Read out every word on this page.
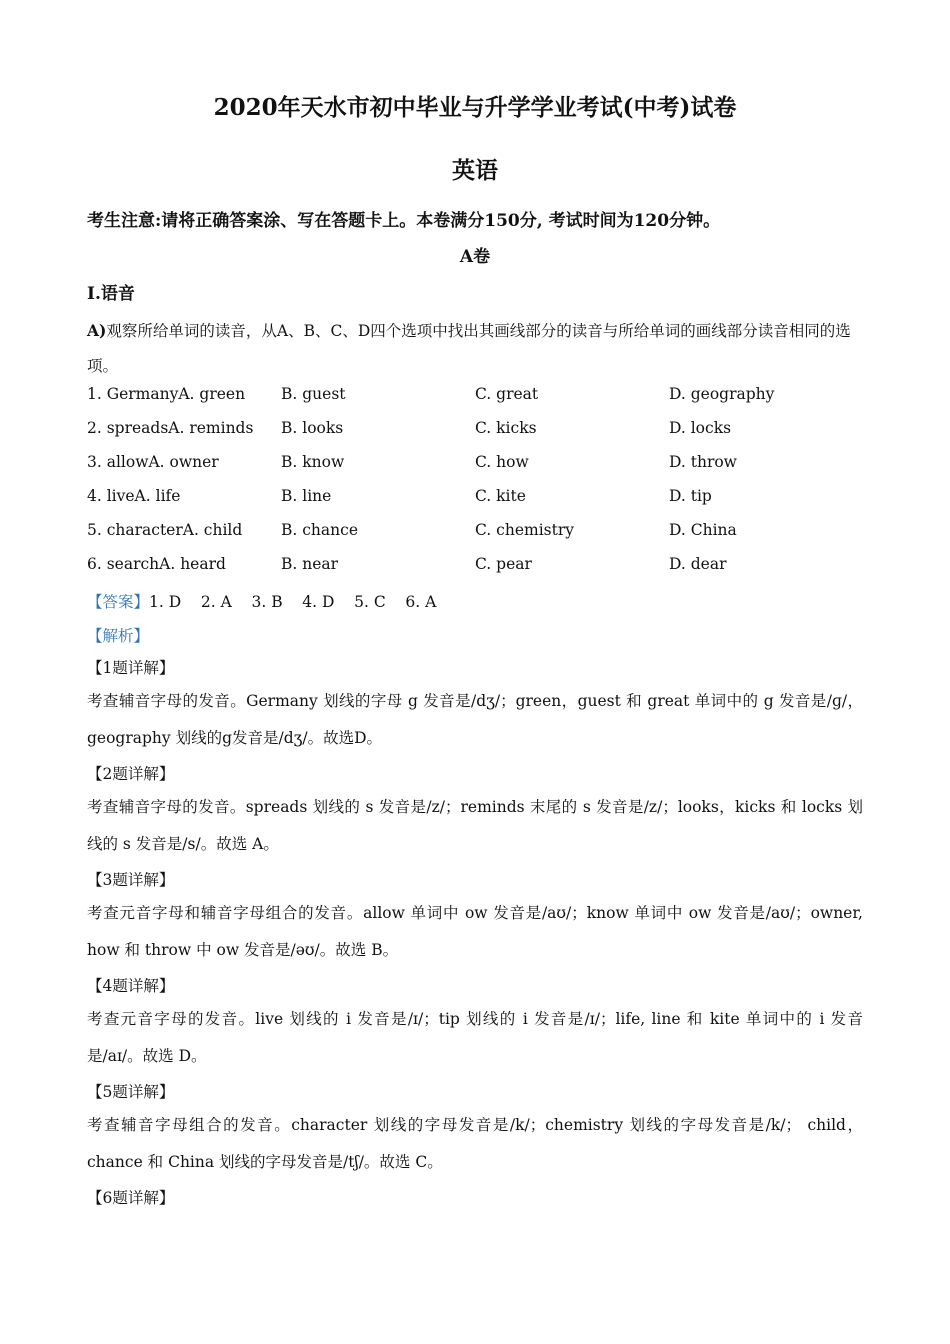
2020年天水市初中毕业与升学学业考试(中考)试卷
英语
考生注意:请将正确答案涂、写在答题卡上。本卷满分150分, 考试时间为120分钟。
A卷
I.语音
A)观察所给单词的读音，从A、B、C、D四个选项中找出其画线部分的读音与所给单词的画线部分读音相同的选项。
1. GermanyA. green B. guest	C. great	D. geography
2. spreadsA. reminds B. looks	C. kicks	D. locks
3. allowA. owner	B. know	C. how	D. throw
4. liveA. life	B. line	C. kite	D. tip
5. characterA. child B. chance	C. chemistry	D. China
6. searchA. heard	B. near	C. pear	D. dear
【答案】1. D    2. A    3. B    4. D    5. C    6. A
【解析】
【1题详解】
考查辅音字母的发音。Germany 划线的字母 g 发音是/dʒ/；green，guest 和 great 单词中的 g 发音是/ɡ/，geography 划线的g发音是/dʒ/。故选D。
【2题详解】
考查辅音字母的发音。spreads 划线的 s 发音是/z/；reminds 末尾的 s 发音是/z/；looks，kicks 和 locks 划线的 s 发音是/s/。故选 A。
【3题详解】
考查元音字母和辅音字母组合的发音。allow 单词中 ow 发音是/aʊ/；know 单词中 ow 发音是/aʊ/；owner, how 和 throw 中 ow 发音是/əʊ/。故选 B。
【4题详解】
考查元音字母的发音。live 划线的 i 发音是/ɪ/；tip 划线的 i 发音是/ɪ/；life, line 和 kite 单词中的 i 发音是/aɪ/。故选 D。
【5题详解】
考查辅音字母组合的发音。character 划线的字母发音是/k/；chemistry 划线的字母发音是/k/； child，chance 和 China 划线的字母发音是/tʃ/。故选 C。
【6题详解】
